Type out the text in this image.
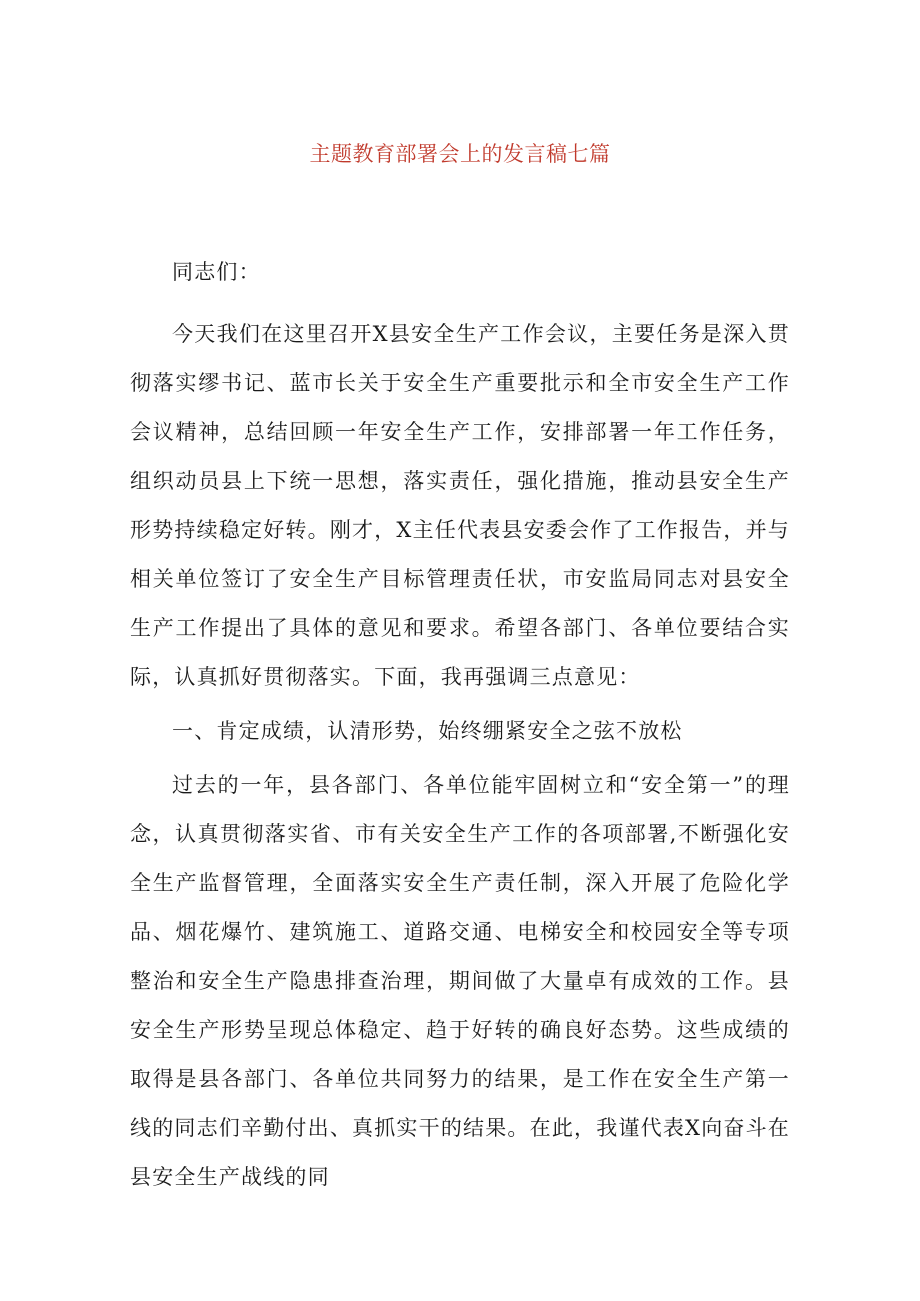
主题教育部署会上的发言稿七篇

同志们：

今天我们在这里召开X县安全生产工作会议，主要任务是深入贯彻落实缪书记、蓝市长关于安全生产重要批示和全市安全生产工作会议精神，总结回顾一年安全生产工作，安排部署一年工作任务，组织动员县上下统一思想，落实责任，强化措施，推动县安全生产形势持续稳定好转。刚才，X主任代表县安委会作了工作报告，并与相关单位签订了安全生产目标管理责任状，市安监局同志对县安全生产工作提出了具体的意见和要求。希望各部门、各单位要结合实际，认真抓好贯彻落实。下面，我再强调三点意见：

一、肯定成绩，认清形势，始终绷紧安全之弦不放松

过去的一年，县各部门、各单位能牢固树立和“安全第一”的理念，认真贯彻落实省、市有关安全生产工作的各项部署,不断强化安全生产监督管理，全面落实安全生产责任制，深入开展了危险化学品、烟花爆竹、建筑施工、道路交通、电梯安全和校园安全等专项整治和安全生产隐患排查治理，期间做了大量卓有成效的工作。县安全生产形势呈现总体稳定、趋于好转的确良好态势。这些成绩的取得是县各部门、各单位共同努力的结果，是工作在安全生产第一线的同志们辛勤付出、真抓实干的结果。在此，我谨代表X向奋斗在县安全生产战线的同
